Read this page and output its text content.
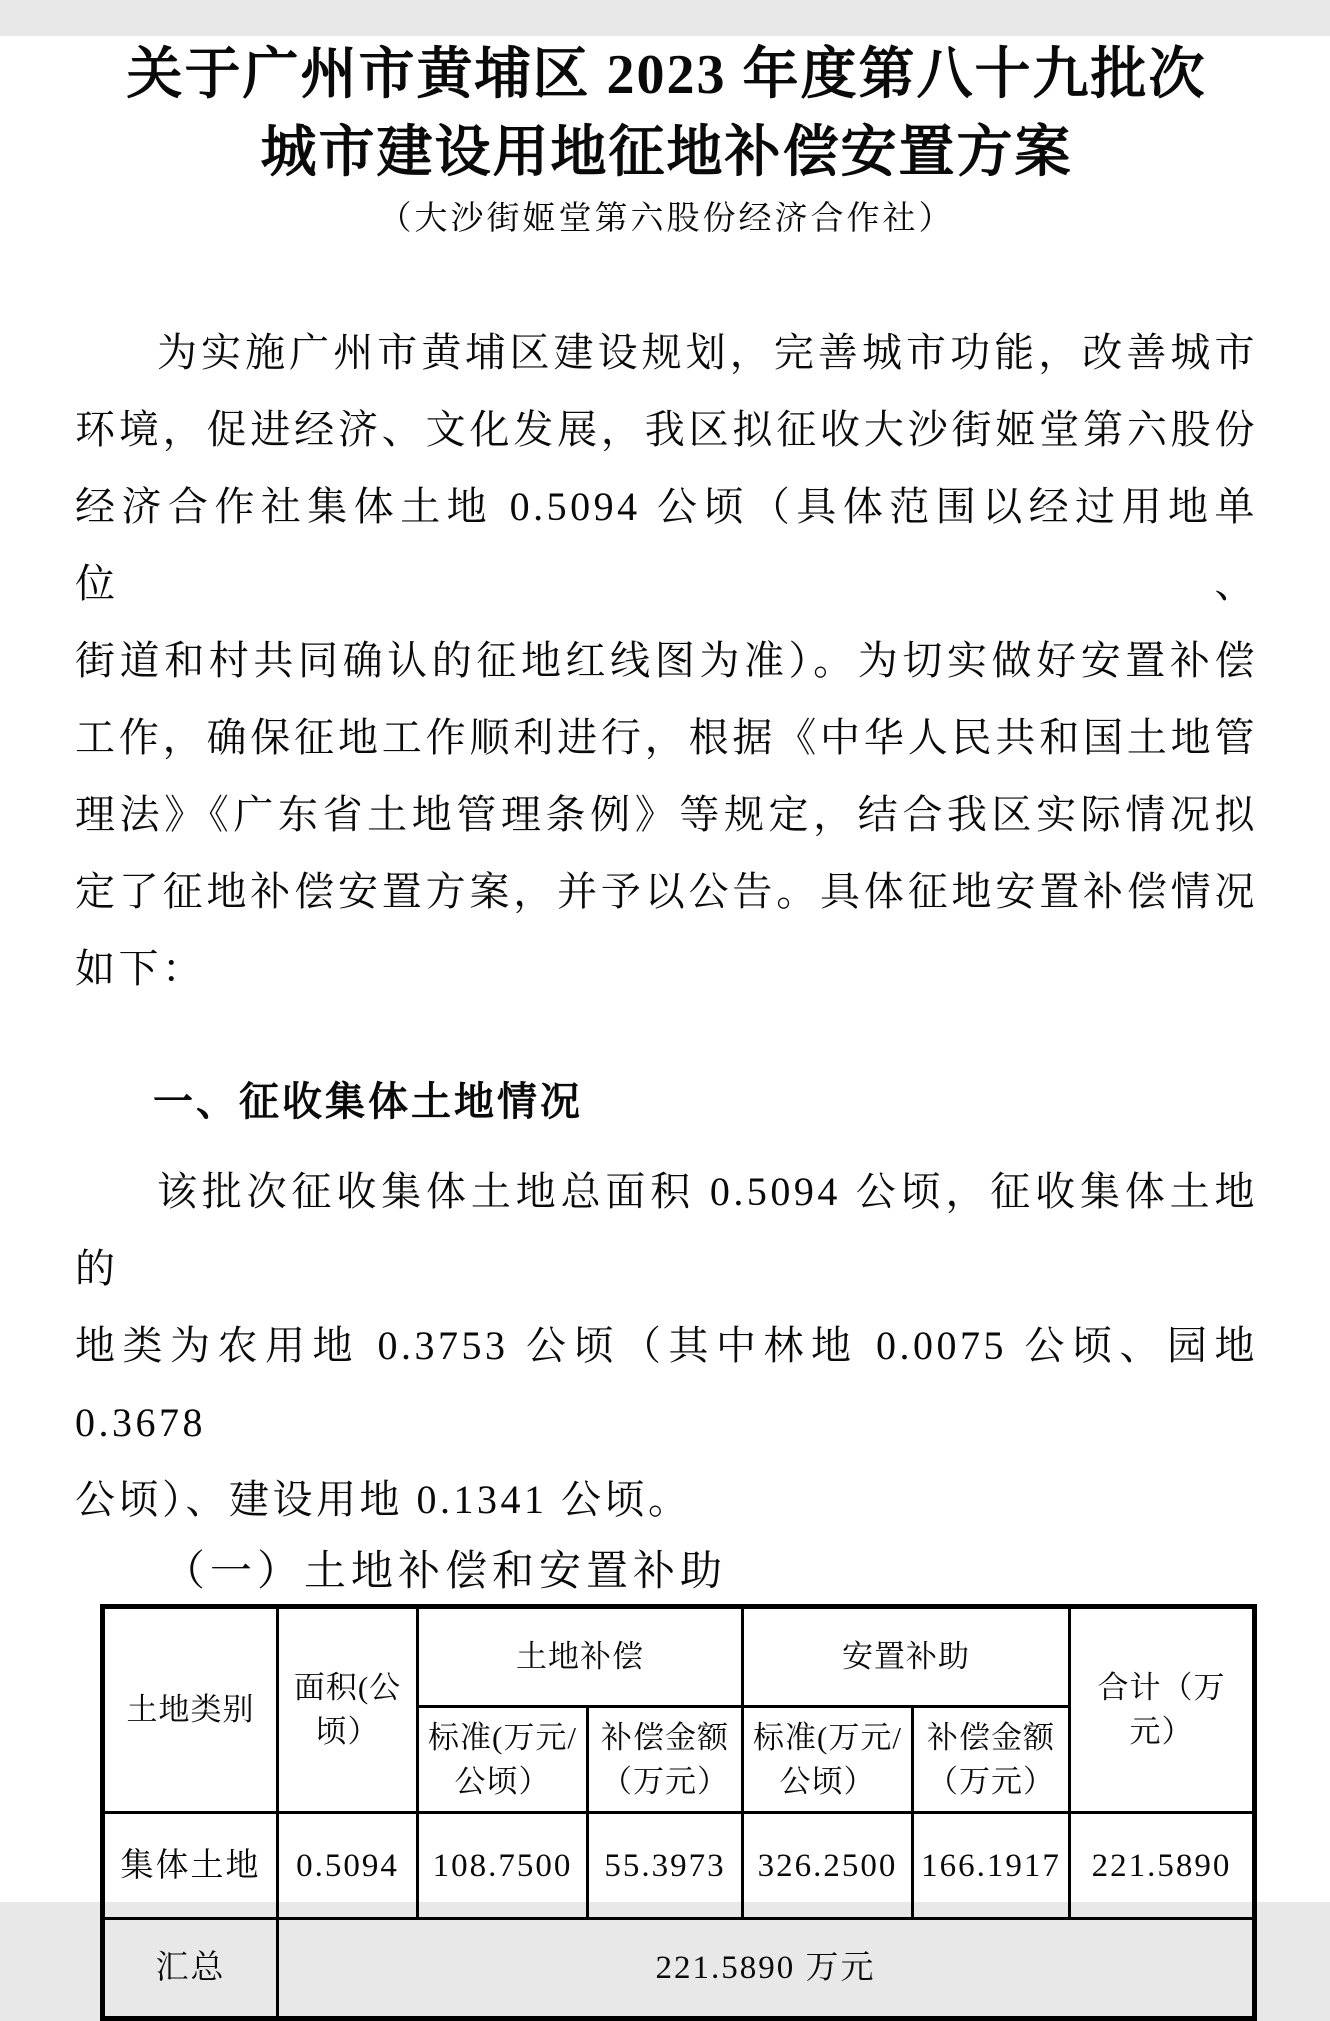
关于广州市黄埔区 2023 年度第八十九批次
城市建设用地征地补偿安置方案
（大沙街姬堂第六股份经济合作社）
为实施广州市黄埔区建设规划，完善城市功能，改善城市
环境，促进经济、文化发展，我区拟征收大沙街姬堂第六股份
经济合作社集体土地 0.5094 公顷（具体范围以经过用地单位、
街道和村共同确认的征地红线图为准）。为切实做好安置补偿
工作，确保征地工作顺利进行，根据《中华人民共和国土地管
理法》《广东省土地管理条例》等规定，结合我区实际情况拟
定了征地补偿安置方案，并予以公告。具体征地安置补偿情况
如下：
一、征收集体土地情况
该批次征收集体土地总面积 0.5094 公顷，征收集体土地的
地类为农用地 0.3753 公顷（其中林地 0.0075 公顷、园地 0.3678
公顷）、建设用地 0.1341 公顷。
（一）土地补偿和安置补助
土地类别	面积(公顷）	土地补偿		安置补助		合计（万元）
		标准(万元/公顷）	补偿金额（万元）	标准(万元/公顷）	补偿金额（万元）	
集体土地	0.5094	108.7500	55.3973	326.2500	166.1917	221.5890
汇总	221.5890 万元					
